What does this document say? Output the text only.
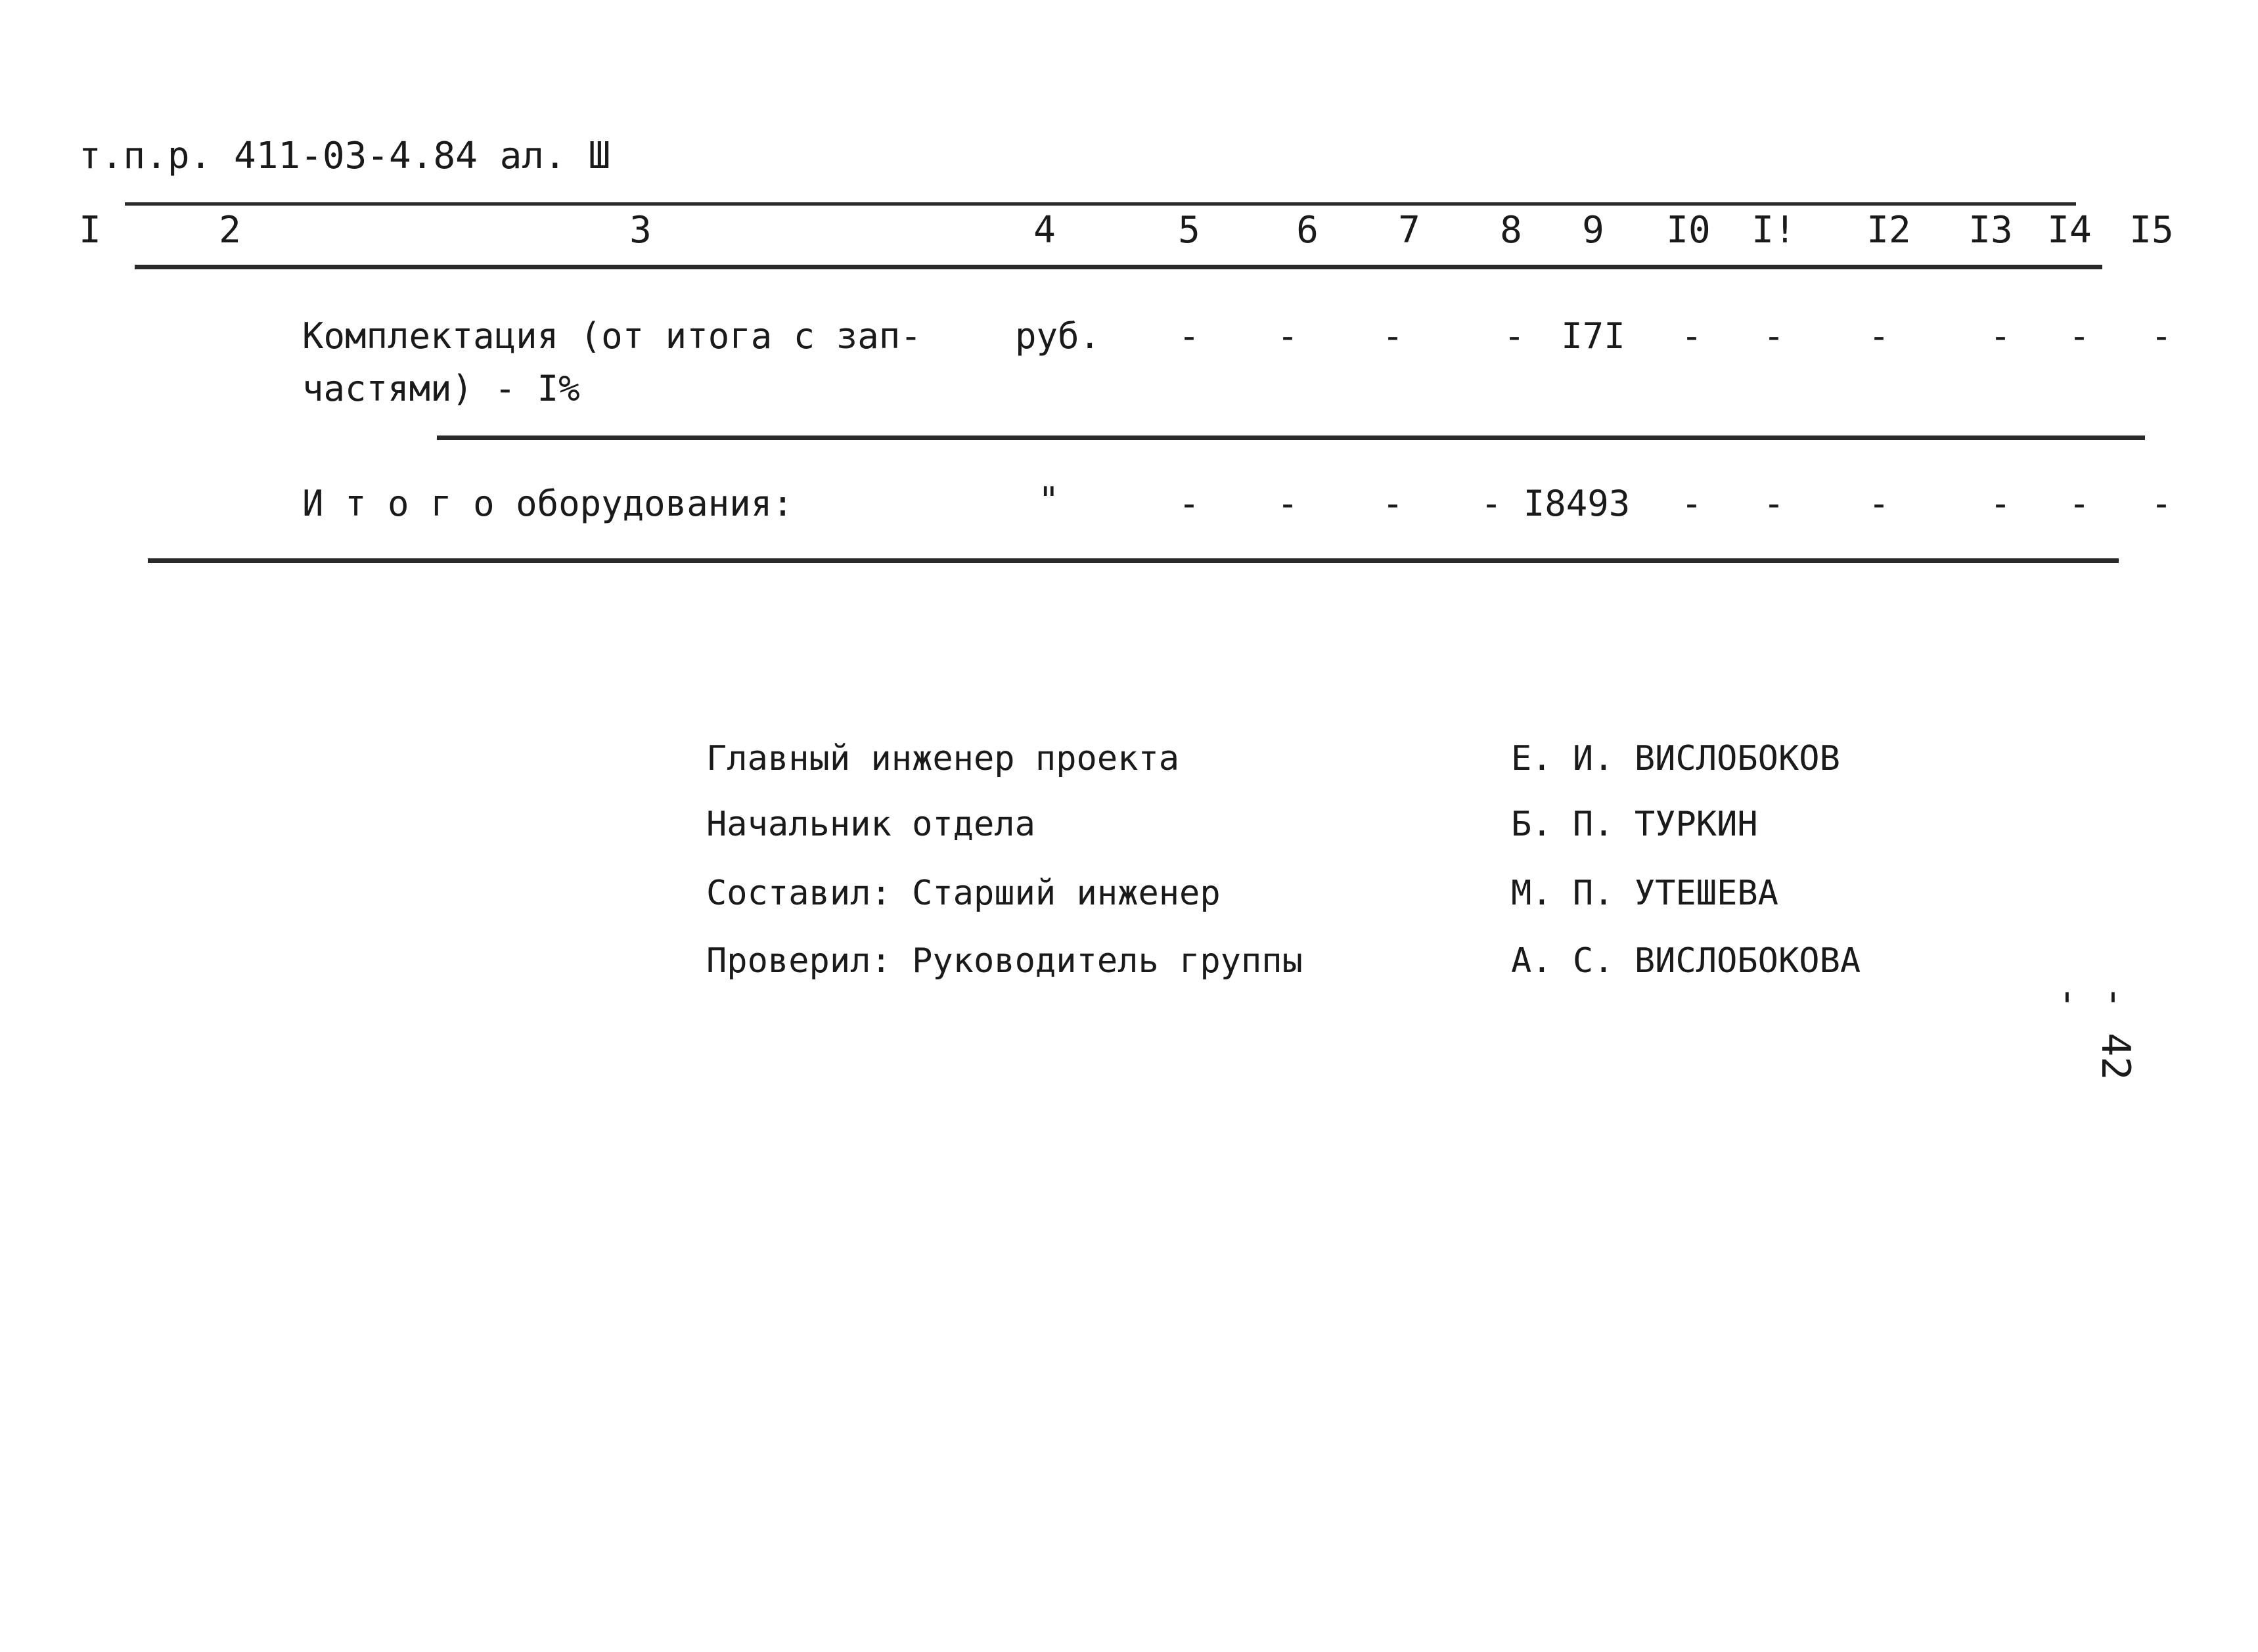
т.п.р. 411-03-4.84 ал. Ш
I	2	3	4	5	6 7 8 9 I0 I! I2 I3 I4 I5
Комплектация (от итога с зап-
частями) - I%
руб. - - -	- I7I - - -	- - -
И т о г о оборудования:	"	- - - - I8493 - - -	- - -
Главный инженер проекта	Е. И. ВИСЛОБОКОВ
Начальник отдела	Б. П. ТУРКИН
Составил: Старший инженер	М. П. УТЕШЕВА
Проверил: Руководитель группы	А. С. ВИСЛОБОКОВА
- 42 -
